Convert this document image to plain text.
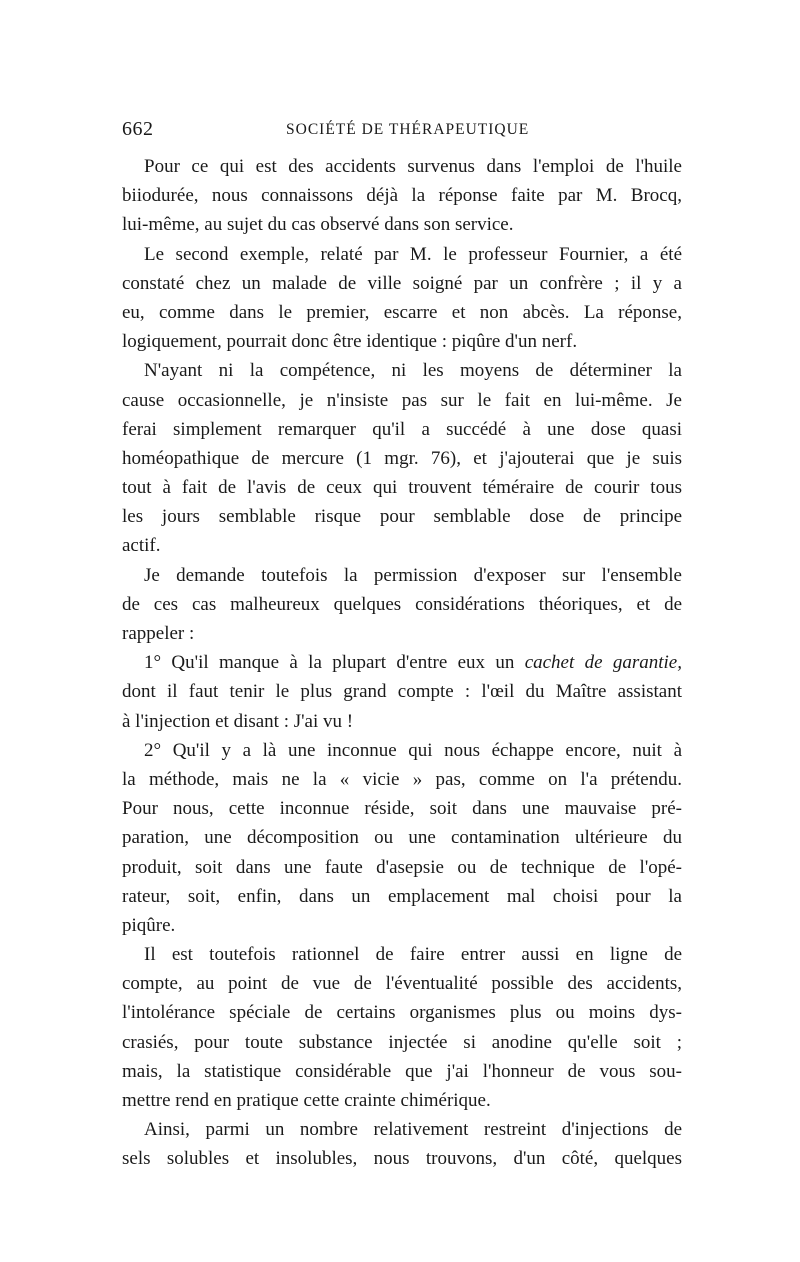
662	SOCIÉTÉ DE THÉRAPEUTIQUE
Pour ce qui est des accidents survenus dans l'emploi de l'huile
biiodurée, nous connaissons déjà la réponse faite par M. Brocq,
lui-même, au sujet du cas observé dans son service.
Le second exemple, relaté par M. le professeur Fournier, a été
constaté chez un malade de ville soigné par un confrère ; il y a
eu, comme dans le premier, escarre et non abcès. La réponse,
logiquement, pourrait donc être identique : piqûre d'un nerf.
N'ayant ni la compétence, ni les moyens de déterminer la
cause occasionnelle, je n'insiste pas sur le fait en lui-même. Je
ferai simplement remarquer qu'il a succédé à une dose quasi
homéopathique de mercure (1 mgr. 76), et j'ajouterai que je suis
tout à fait de l'avis de ceux qui trouvent téméraire de courir tous
les jours semblable risque pour semblable dose de principe
actif.
Je demande toutefois la permission d'exposer sur l'ensemble
de ces cas malheureux quelques considérations théoriques, et de
rappeler :
1° Qu'il manque à la plupart d'entre eux un cachet de garantie,
dont il faut tenir le plus grand compte : l'œil du Maître assistant
à l'injection et disant : J'ai vu !
2° Qu'il y a là une inconnue qui nous échappe encore, nuit à
la méthode, mais ne la « vicie » pas, comme on l'a prétendu.
Pour nous, cette inconnue réside, soit dans une mauvaise pré-
paration, une décomposition ou une contamination ultérieure du
produit, soit dans une faute d'asepsie ou de technique de l'opé-
rateur, soit, enfin, dans un emplacement mal choisi pour la
piqûre.
Il est toutefois rationnel de faire entrer aussi en ligne de
compte, au point de vue de l'éventualité possible des accidents,
l'intolérance spéciale de certains organismes plus ou moins dys-
crasiés, pour toute substance injectée si anodine qu'elle soit ;
mais, la statistique considérable que j'ai l'honneur de vous sou-
mettre rend en pratique cette crainte chimérique.
Ainsi, parmi un nombre relativement restreint d'injections de
sels solubles et insolubles, nous trouvons, d'un côté, quelques
